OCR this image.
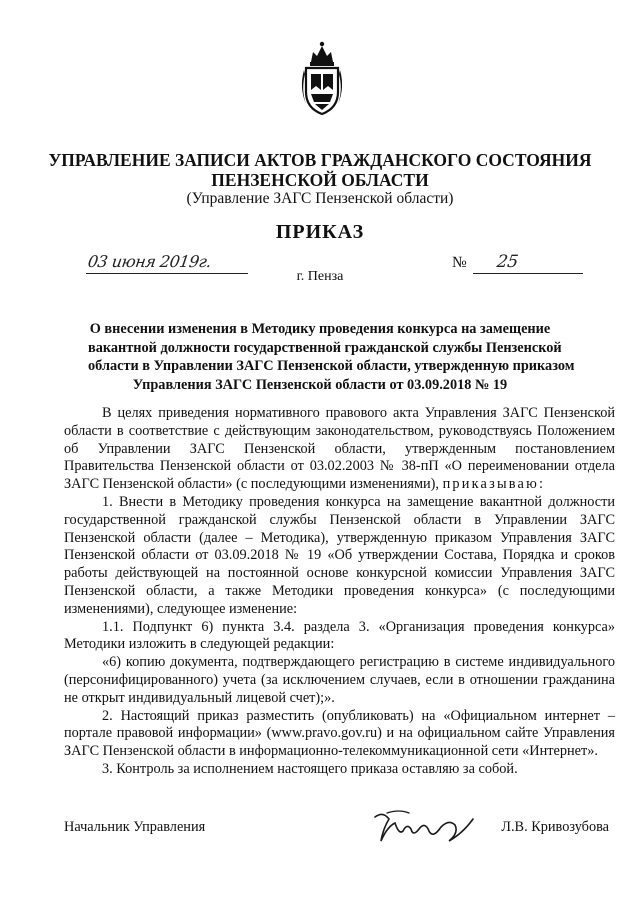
УПРАВЛЕНИЕ ЗАПИСИ АКТОВ ГРАЖДАНСКОГО СОСТОЯНИЯ
ПЕНЗЕНСКОЙ ОБЛАСТИ
(Управление ЗАГС Пензенской области)
ПРИКАЗ
03 июня 2019г.	№ 25
г. Пенза
О внесении изменения в Методику проведения конкурса на замещение
вакантной должности государственной гражданской службы Пензенской
области в Управлении ЗАГС Пензенской области, утвержденную приказом
Управления ЗАГС Пензенской области от 03.09.2018 № 19

В целях приведения нормативного правового акта Управления ЗАГС Пензенской области в соответствие с действующим законодательством, руководствуясь Положением об Управлении ЗАГС Пензенской области, утвержденным постановлением Правительства Пензенской области от 03.02.2003 № 38-пП «О переименовании отдела ЗАГС Пензенской области» (с последующими изменениями), приказываю:

1. Внести в Методику проведения конкурса на замещение вакантной должности государственной гражданской службы Пензенской области в Управлении ЗАГС Пензенской области (далее – Методика), утвержденную приказом Управления ЗАГС Пензенской области от 03.09.2018 № 19 «Об утверждении Состава, Порядка и сроков работы действующей на постоянной основе конкурсной комиссии Управления ЗАГС Пензенской области, а также Методики проведения конкурса» (с последующими изменениями), следующее изменение:

1.1. Подпункт 6) пункта 3.4. раздела 3. «Организация проведения конкурса» Методики изложить в следующей редакции:

«6) копию документа, подтверждающего регистрацию в системе индивидуального (персонифицированного) учета (за исключением случаев, если в отношении гражданина не открыт индивидуальный лицевой счет);».

2. Настоящий приказ разместить (опубликовать) на «Официальном интернет – портале правовой информации» (www.pravo.gov.ru) и на официальном сайте Управления ЗАГС Пензенской области в информационно-телекоммуникационной сети «Интернет».

3. Контроль за исполнением настоящего приказа оставляю за собой.

Начальник Управления	Л.В. Кривозубова
